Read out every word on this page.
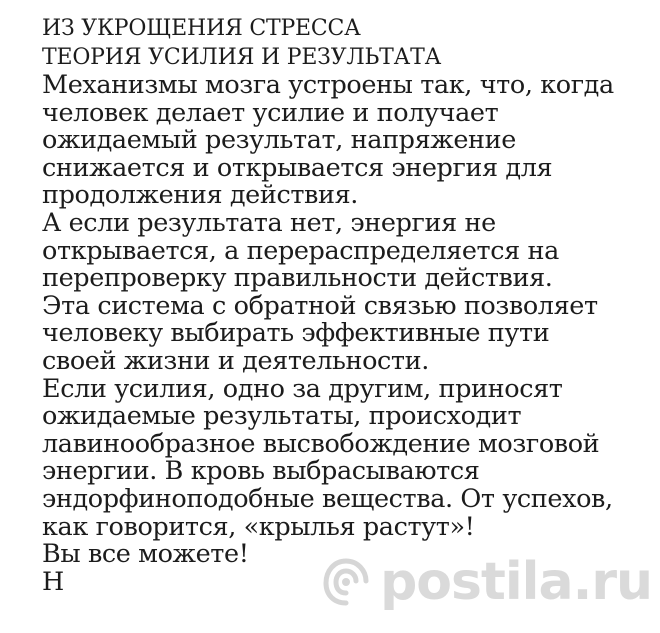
ИЗ УКРОЩЕНИЯ СТРЕССА
ТЕОРИЯ УСИЛИЯ И РЕЗУЛЬТАТА
Механизмы мозга устроены так, что, когда
человек делает усилие и получает
ожидаемый результат, напряжение
снижается и открывается энергия для
продолжения действия.
А если результата нет, энергия не
открывается, а перераспределяется на
перепроверку правильности действия.
Эта система с обратной связью позволяет
человеку выбирать эффективные пути
своей жизни и деятельности.
Если усилия, одно за другим, приносят
ожидаемые результаты, происходит
лавинообразное высвобождение мозговой
энергии. В кровь выбрасываются
эндорфиноподобные вещества. От успехов,
как говорится, «крылья растут»!
Вы все можете!
Н	postila.ru
